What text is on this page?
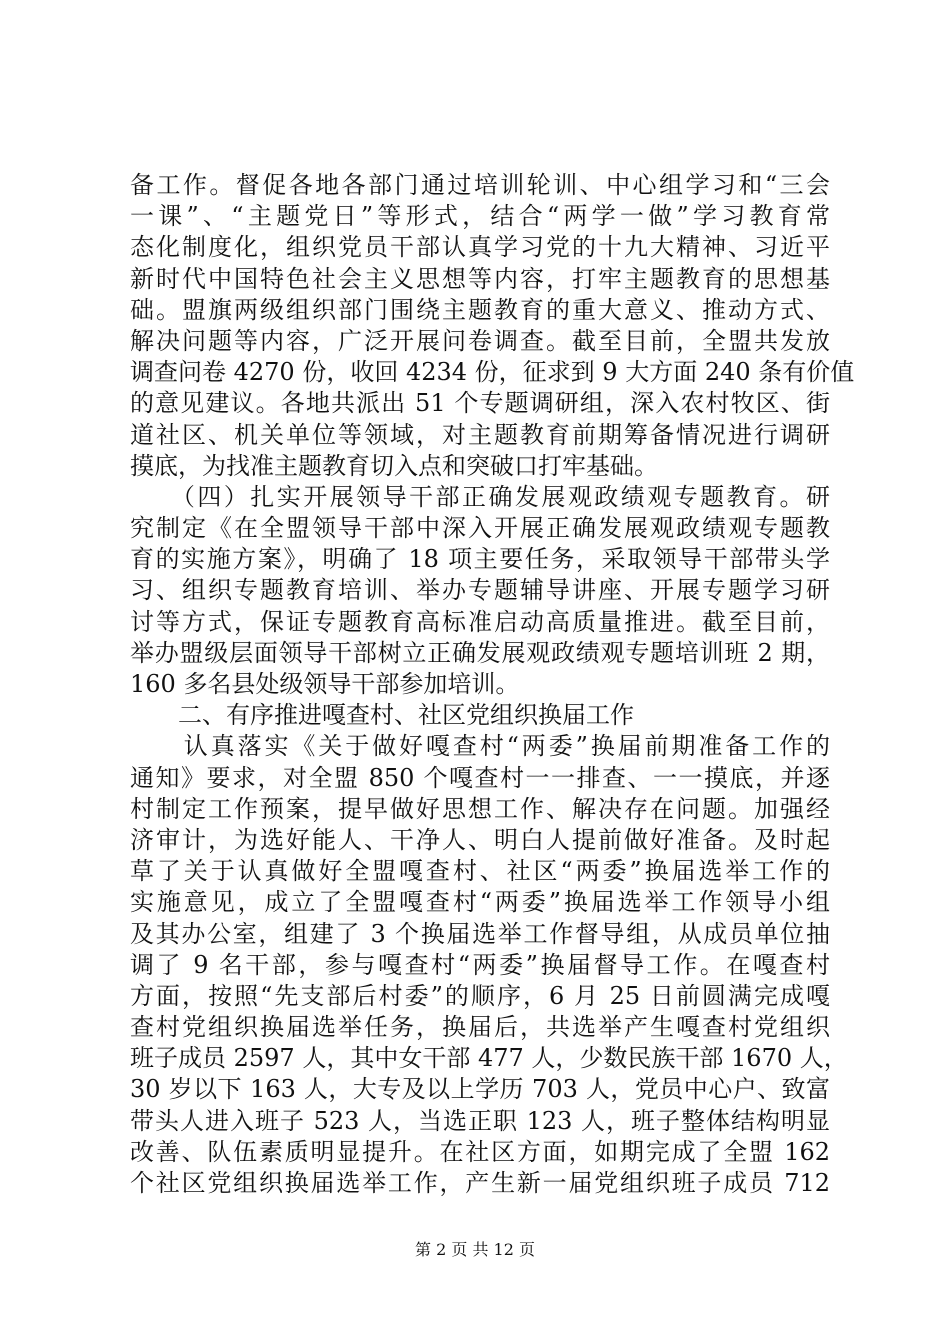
备工作。督促各地各部门通过培训轮训、中心组学习和“三会
一课”、“主题党日”等形式，结合“两学一做”学习教育常
态化制度化，组织党员干部认真学习党的十九大精神、习近平
新时代中国特色社会主义思想等内容，打牢主题教育的思想基
础。盟旗两级组织部门围绕主题教育的重大意义、推动方式、
解决问题等内容，广泛开展问卷调查。截至目前，全盟共发放
调查问卷 4270 份，收回 4234 份，征求到 9 大方面 240 条有价值
的意见建议。各地共派出 51 个专题调研组，深入农村牧区、街
道社区、机关单位等领域，对主题教育前期筹备情况进行调研
摸底，为找准主题教育切入点和突破口打牢基础。
　　（四）扎实开展领导干部正确发展观政绩观专题教育。研
究制定《在全盟领导干部中深入开展正确发展观政绩观专题教
育的实施方案》，明确了 18 项主要任务，采取领导干部带头学
习、组织专题教育培训、举办专题辅导讲座、开展专题学习研
讨等方式，保证专题教育高标准启动高质量推进。截至目前，
举办盟级层面领导干部树立正确发展观政绩观专题培训班 2 期，
160 多名县处级领导干部参加培训。
　　二、有序推进嘎查村、社区党组织换届工作
　　认真落实《关于做好嘎查村“两委”换届前期准备工作的
通知》要求，对全盟 850 个嘎查村一一排查、一一摸底，并逐
村制定工作预案，提早做好思想工作、解决存在问题。加强经
济审计，为选好能人、干净人、明白人提前做好准备。及时起
草了关于认真做好全盟嘎查村、社区“两委”换届选举工作的
实施意见，成立了全盟嘎查村“两委”换届选举工作领导小组
及其办公室，组建了 3 个换届选举工作督导组，从成员单位抽
调了 9 名干部，参与嘎查村“两委”换届督导工作。在嘎查村
方面，按照“先支部后村委”的顺序，6 月 25 日前圆满完成嘎
查村党组织换届选举任务，换届后，共选举产生嘎查村党组织
班子成员 2597 人，其中女干部 477 人，少数民族干部 1670 人，
30 岁以下 163 人，大专及以上学历 703 人，党员中心户、致富
带头人进入班子 523 人，当选正职 123 人，班子整体结构明显
改善、队伍素质明显提升。在社区方面，如期完成了全盟 162
个社区党组织换届选举工作，产生新一届党组织班子成员 712
第 2 页 共 12 页
